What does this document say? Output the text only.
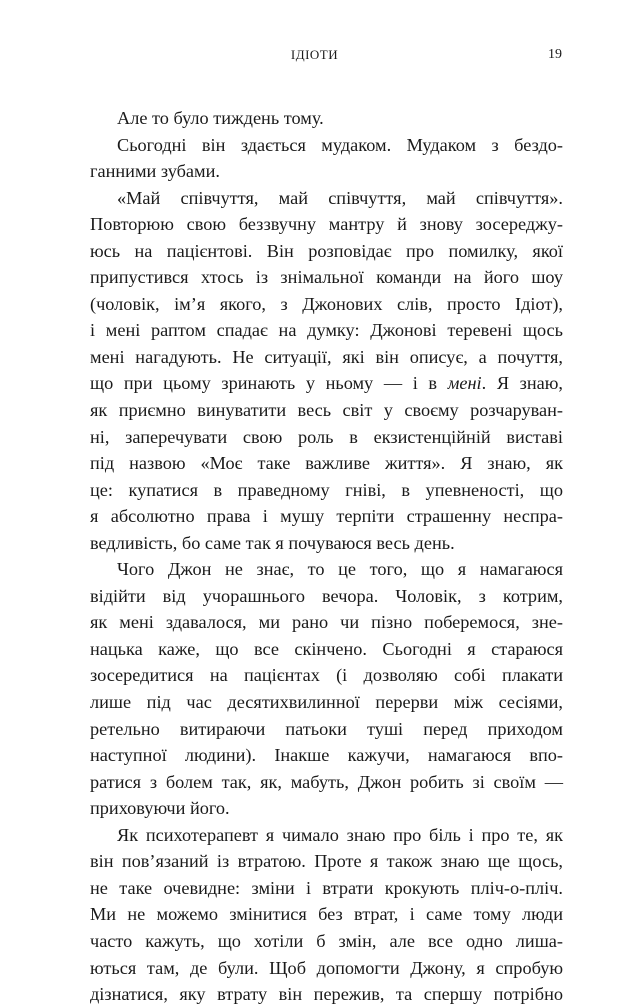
ІДІОТИ	19
Але то було тиждень тому.
Сьогодні він здається мудаком. Мудаком з бездо-
ганними зубами.
«Май співчуття, май співчуття, май співчуття».
Повторюю свою беззвучну мантру й знову зосереджу-
юсь на пацієнтові. Він розповідає про помилку, якої
припустився хтось із знімальної команди на його шоу
(чоловік, ім’я якого, з Джонових слів, просто Ідіот),
і мені раптом спадає на думку: Джонові теревені щось
мені нагадують. Не ситуації, які він описує, а почуття,
що при цьому зринають у ньому — і в мені. Я знаю,
як приємно винуватити весь світ у своєму розчаруван-
ні, заперечувати свою роль в екзистенційній виставі
під назвою «Моє таке важливе життя». Я знаю, як
це: купатися в праведному гніві, в упевненості, що
я абсолютно права і мушу терпіти страшенну неспра-
ведливість, бо саме так я почуваюся весь день.
Чого Джон не знає, то це того, що я намагаюся
відійти від учорашнього вечора. Чоловік, з котрим,
як мені здавалося, ми рано чи пізно поберемося, зне-
нацька каже, що все скінчено. Сьогодні я стараюся
зосередитися на пацієнтах (і дозволяю собі плакати
лише під час десятихвилинної перерви між сесіями,
ретельно витираючи патьоки туші перед приходом
наступної людини). Інакше кажучи, намагаюся впо-
ратися з болем так, як, мабуть, Джон робить зі своїм —
приховуючи його.
Як психотерапевт я чимало знаю про біль і про те, як
він пов’язаний із втратою. Проте я також знаю ще щось,
не таке очевидне: зміни і втрати крокують пліч-о-пліч.
Ми не можемо змінитися без втрат, і саме тому люди
часто кажуть, що хотіли б змін, але все одно лиша-
ються там, де були. Щоб допомогти Джону, я спробую
дізнатися, яку втрату він пережив, та спершу потрібно
